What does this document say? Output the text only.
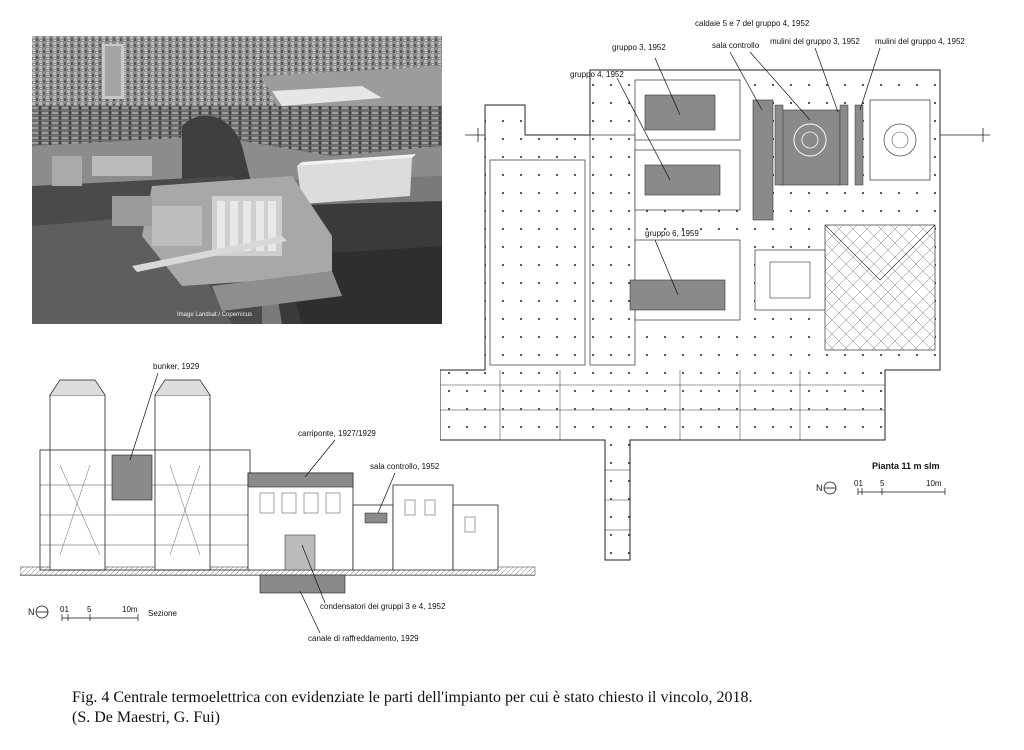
Image Landsat / Copernicus
caldaie 5 e 7 del gruppo 4, 1952
gruppo 3, 1952	sala controllo mulini del gruppo 3, 1952 mulini del gruppo 4, 1952
gruppo 4, 1952
gruppo 6, 1959
Pianta 11 m slm
N	01 5	10m
bunker, 1929
carriponte, 1927/1929
sala controllo, 1952
condensatori dei gruppi 3 e 4, 1952
canale di raffreddamento, 1929
N	01 5	10m Sezione
Fig. 4 Centrale termoelettrica con evidenziate le parti dell'impianto per cui è stato chiesto il vincolo, 2018.
(S. De Maestri, G. Fui)
